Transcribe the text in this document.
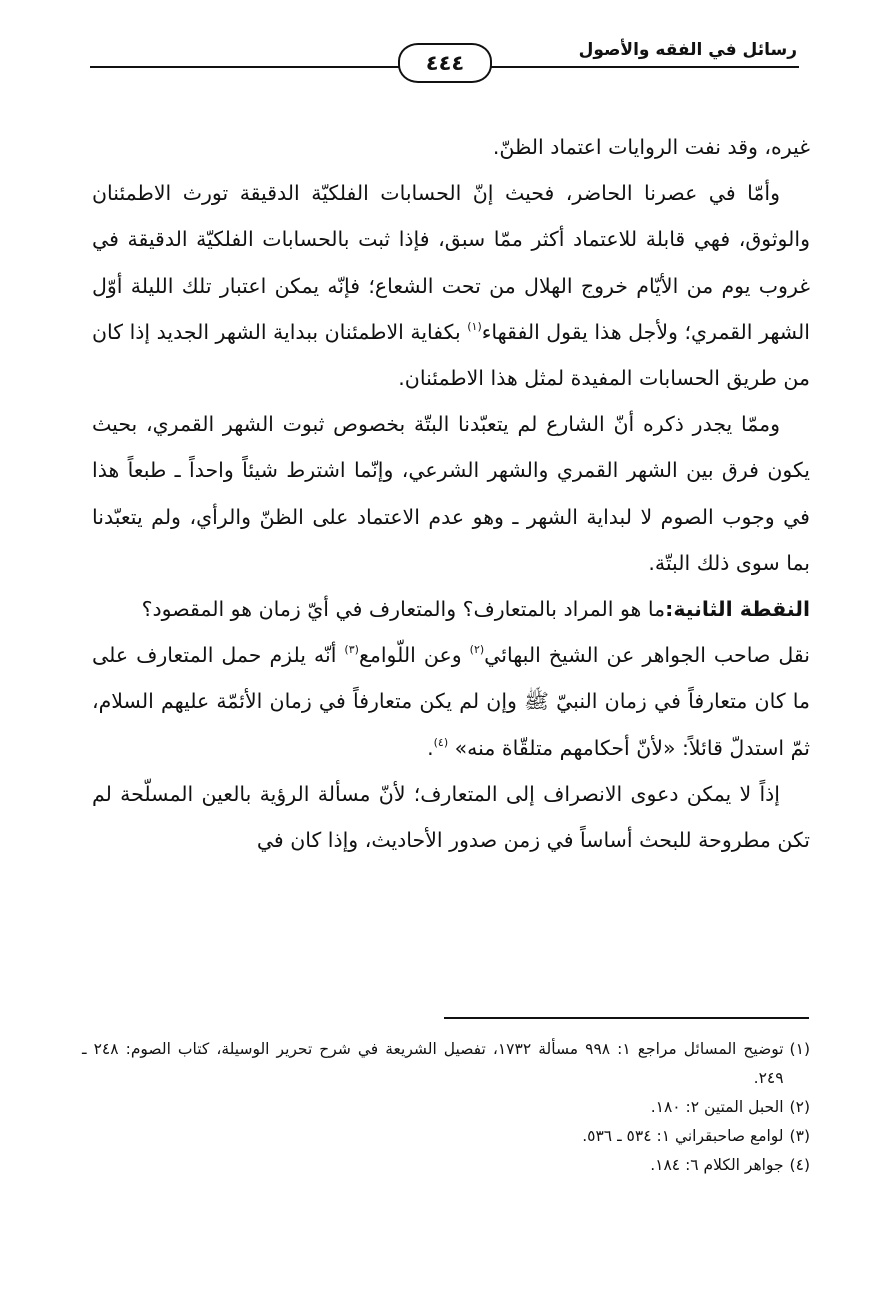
رسائل في الفقه والأصول
٤٤٤

غيره، وقد نفت الروايات اعتماد الظنّ.

وأمّا في عصرنا الحاضر، فحيث إنّ الحسابات الفلكيّة الدقيقة تورث الاطمئنان والوثوق، فهي قابلة للاعتماد أكثر ممّا سبق، فإذا ثبت بالحسابات الفلكيّة الدقيقة في غروب يوم من الأيّام خروج الهلال من تحت الشعاع؛ فإنّه يمكن اعتبار تلك الليلة أوّل الشهر القمري؛ ولأجل هذا يقول الفقهاء$^{(١)}$ بكفاية الاطمئنان ببداية الشهر الجديد إذا كان من طريق الحسابات المفيدة لمثل هذا الاطمئنان.

وممّا يجدر ذكره أنّ الشارع لم يتعبّدنا البتّة بخصوص ثبوت الشهر القمري، بحيث يكون فرق بين الشهر القمري والشهر الشرعي، وإنّما اشترط شيئاً واحداً ـ طبعاً هذا في وجوب الصوم لا لبداية الشهر ـ وهو عدم الاعتماد على الظنّ والرأي، ولم يتعبّدنا بما سوى ذلك البتّة.

النقطة الثانية:ما هو المراد بالمتعارف؟ والمتعارف في أيّ زمان هو المقصود؟

نقل صاحب الجواهر عن الشيخ البهائي$^{(٢)}$ وعن اللّوامع$^{(٣)}$ أنّه يلزم حمل المتعارف على ما كان متعارفاً في زمان النبيّ ﷺ وإن لم يكن متعارفاً في زمان الأئمّة عليهم السلام، ثمّ استدلّ قائلاً: «لأنّ أحكامهم متلقّاة منه» $^{(٤)}$.

إذاً لا يمكن دعوى الانصراف إلى المتعارف؛ لأنّ مسألة الرؤية بالعين المسلّحة لم تكن مطروحة للبحث أساساً في زمن صدور الأحاديث، وإذا كان في

(١)
توضيح المسائل مراجع ١: ٩٩٨ مسألة ١٧٣٢، تفصيل الشريعة في شرح تحرير الوسيلة، كتاب الصوم: ٢٤٨ ـ ٢٤٩.
(٢)
الحبل المتين ٢: ١٨٠.
(٣)
لوامع صاحبقراني ١: ٥٣٤ ـ ٥٣٦.
(٤)
جواهر الكلام ٦: ١٨٤.
